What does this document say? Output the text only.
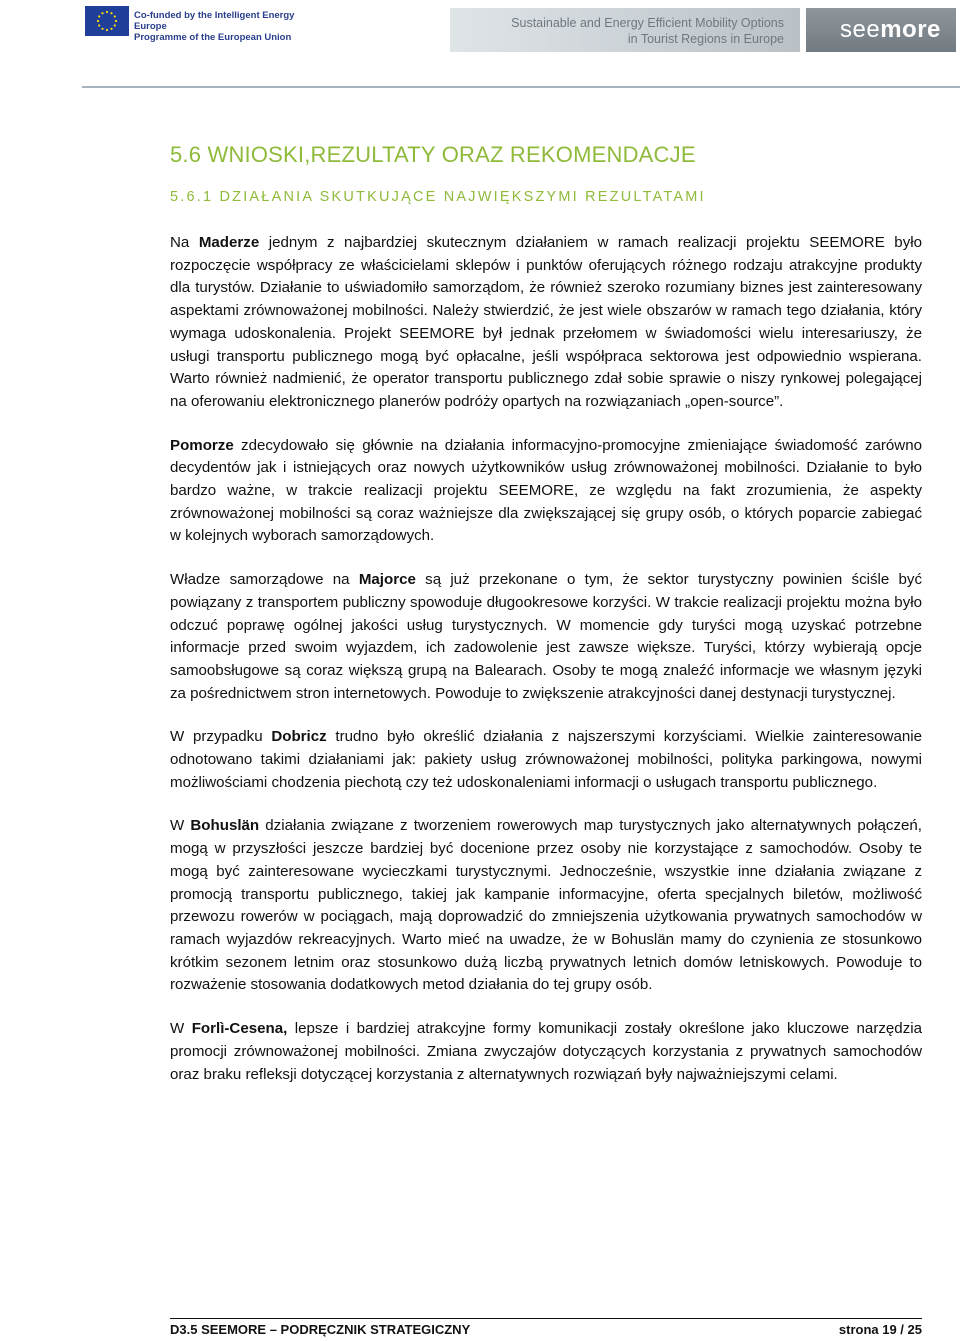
Co-funded by the Intelligent Energy Europe
Programme of the European Union
Sustainable and Energy Efficient Mobility Options
in Tourist Regions in Europe seemore
5.6 WNIOSKI,REZULTATY ORAZ REKOMENDACJE
5.6.1 DZIAŁANIA SKUTKUJĄCE NAJWIĘKSZYMI REZULTATAMI

Na Maderze jednym z najbardziej skutecznym działaniem w ramach realizacji projektu SEEMORE było rozpoczęcie współpracy ze właścicielami sklepów i punktów oferujących różnego rodzaju atrakcyjne produkty dla turystów. Działanie to uświadomiło samorządom, że również szeroko rozumiany biznes jest zainteresowany aspektami zrównoważonej mobilności. Należy stwierdzić, że jest wiele obszarów w ramach tego działania, który wymaga udoskonalenia. Projekt SEEMORE był jednak przełomem w świadomości wielu interesariuszy, że usługi transportu publicznego mogą być opłacalne, jeśli współpraca sektorowa jest odpowiednio wspierana. Warto również nadmienić, że operator transportu publicznego zdał sobie sprawie o niszy rynkowej polegającej na oferowaniu elektronicznego planerów podróży opartych na rozwiązaniach „open-source”.

Pomorze zdecydowało się głównie na działania informacyjno-promocyjne zmieniające świadomość zarówno decydentów jak i istniejących oraz nowych użytkowników usług zrównoważonej mobilności. Działanie to było bardzo ważne, w trakcie realizacji projektu SEEMORE, ze względu na fakt zrozumienia, że aspekty zrównoważonej mobilności są coraz ważniejsze dla zwiększającej się grupy osób, o których poparcie zabiegać w kolejnych wyborach samorządowych.

Władze samorządowe na Majorce są już przekonane o tym, że sektor turystyczny powinien ściśle być powiązany z transportem publiczny spowoduje długookresowe korzyści. W trakcie realizacji projektu można było odczuć poprawę ogólnej jakości usług turystycznych. W momencie gdy turyści mogą uzyskać potrzebne informacje przed swoim wyjazdem, ich zadowolenie jest zawsze większe. Turyści, którzy wybierają opcje samoobsługowe są coraz większą grupą na Balearach. Osoby te mogą znaleźć informacje we własnym języki za pośrednictwem stron internetowych. Powoduje to zwiększenie atrakcyjności danej destynacji turystycznej.

W przypadku Dobricz trudno było określić działania z najszerszymi korzyściami. Wielkie zainteresowanie odnotowano takimi działaniami jak: pakiety usług zrównoważonej mobilności, polityka parkingowa, nowymi możliwościami chodzenia piechotą czy też udoskonaleniami informacji o usługach transportu publicznego.

W Bohuslän działania związane z tworzeniem rowerowych map turystycznych jako alternatywnych połączeń, mogą w przyszłości jeszcze bardziej być docenione przez osoby nie korzystające z samochodów. Osoby te mogą być zainteresowane wycieczkami turystycznymi. Jednocześnie, wszystkie inne działania związane z promocją transportu publicznego, takiej jak kampanie informacyjne, oferta specjalnych biletów, możliwość przewozu rowerów w pociągach, mają doprowadzić do zmniejszenia użytkowania prywatnych samochodów w ramach wyjazdów rekreacyjnych. Warto mieć na uwadze, że w Bohuslän mamy do czynienia ze stosunkowo krótkim sezonem letnim oraz stosunkowo dużą liczbą prywatnych letnich domów letniskowych. Powoduje to rozważenie stosowania dodatkowych metod działania do tej grupy osób.

W Forlì-Cesena, lepsze i bardziej atrakcyjne formy komunikacji zostały określone jako kluczowe narzędzia promocji zrównoważonej mobilności. Zmiana zwyczajów dotyczących korzystania z prywatnych samochodów oraz braku refleksji dotyczącej korzystania z alternatywnych rozwiązań były najważniejszymi celami.

D3.5 SEEMORE – PODRĘCZNIK STRATEGICZNY	strona 19 / 25
